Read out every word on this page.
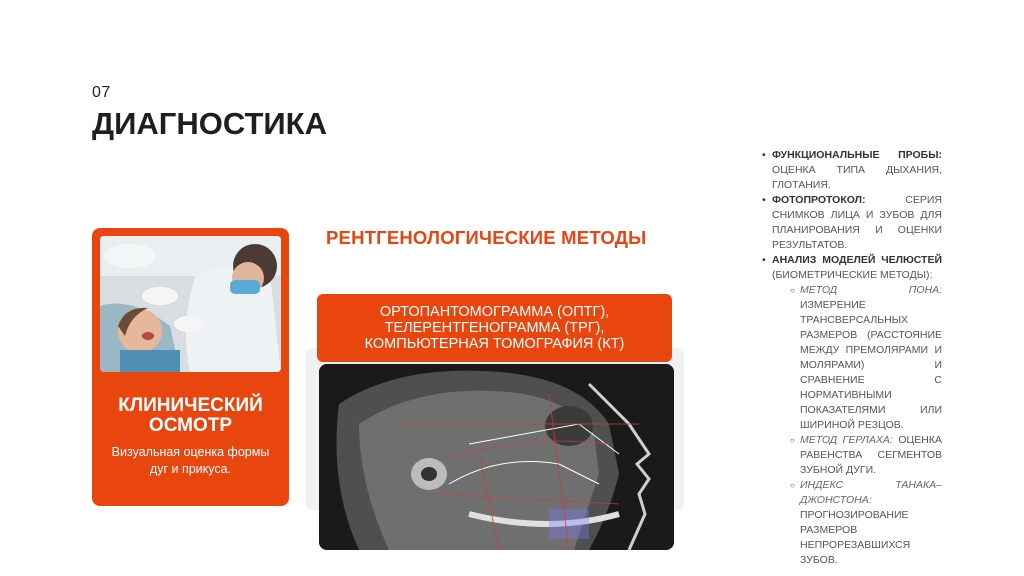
07
ДИАГНОСТИКА
КЛИНИЧЕСКИЙ
ОСМОТР
Визуальная оценка формы
дуг и прикуса.
РЕНТГЕНОЛОГИЧЕСКИЕ МЕТОДЫ
ОРТОПАНТОМОГРАММА (ОПТГ),
ТЕЛЕРЕНТГЕНОГРАММА (ТРГ),
КОМПЬЮТЕРНАЯ ТОМОГРАФИЯ (КТ)
• ФУНКЦИОНАЛЬНЫЕ ПРОБЫ: ОЦЕНКА ТИПА ДЫХАНИЯ, ГЛОТАНИЯ.
• ФОТОПРОТОКОЛ:	СЕРИЯ СНИМКОВ ЛИЦА И ЗУБОВ ДЛЯ ПЛАНИРОВАНИЯ И ОЦЕНКИ РЕЗУЛЬТАТОВ.
• АНАЛИЗ МОДЕЛЕЙ ЧЕЛЮСТЕЙ (БИОМЕТРИЧЕСКИЕ МЕТОДЫ):
○ МЕТОД ПОНА: ИЗМЕРЕНИЕ ТРАНСВЕРСАЛЬНЫХ РАЗМЕРОВ (РАССТОЯНИЕ МЕЖДУ ПРЕМОЛЯРАМИ И МОЛЯРАМИ) И СРАВНЕНИЕ С НОРМАТИВНЫМИ ПОКАЗАТЕЛЯМИ ИЛИ ШИРИНОЙ РЕЗЦОВ.
○ МЕТОД ГЕРЛАХА: ОЦЕНКА РАВЕНСТВА СЕГМЕНТОВ ЗУБНОЙ ДУГИ.
○ ИНДЕКС ТАНАКА–ДЖОНСТОНА: ПРОГНОЗИРОВАНИЕ РАЗМЕРОВ НЕПРОРЕЗАВШИХСЯ ЗУБОВ.
